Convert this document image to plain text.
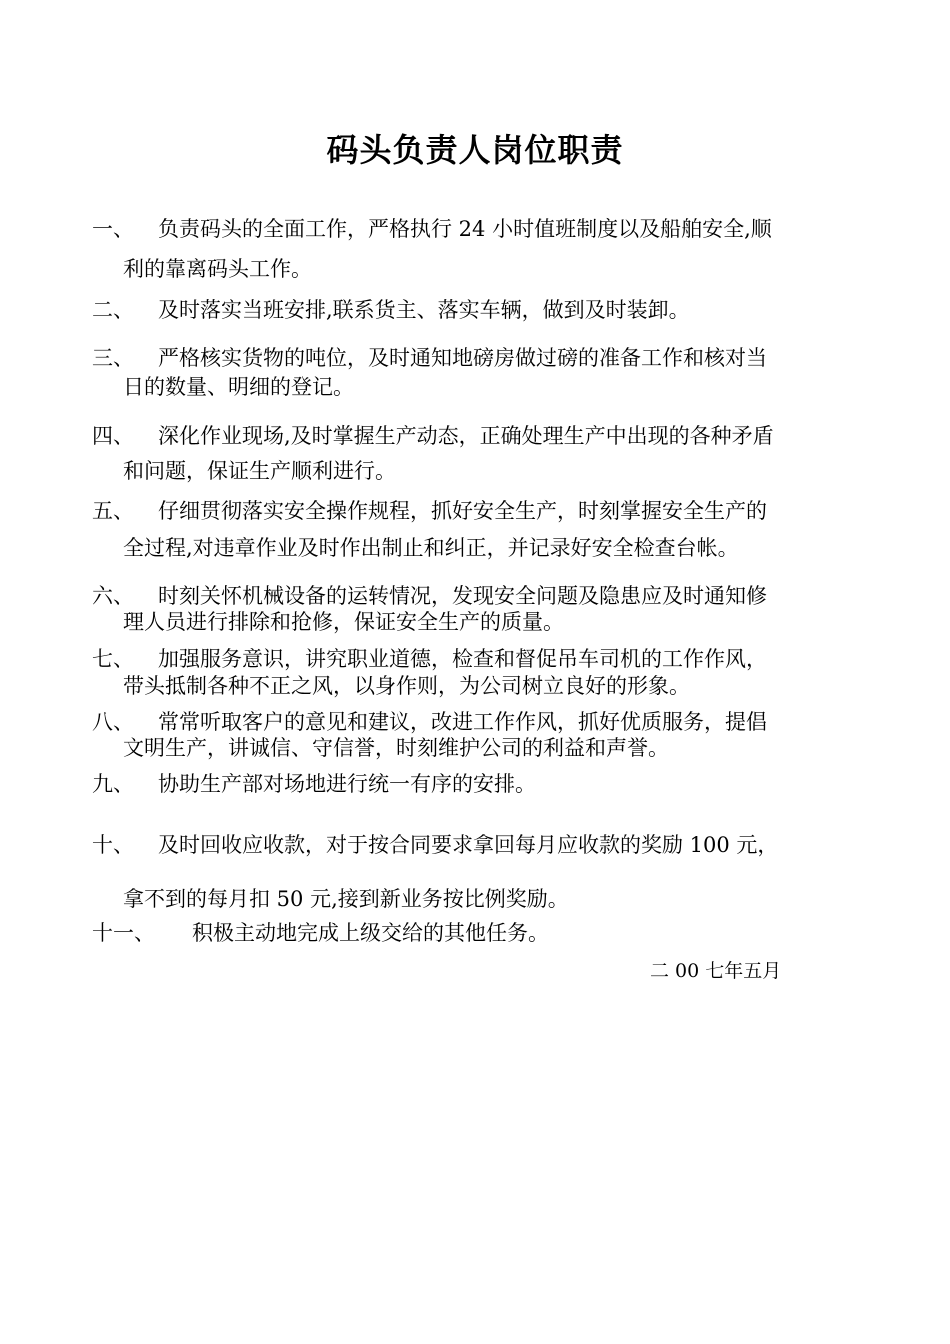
码头负责人岗位职责
一、	负责码头的全面工作，严格执行 24 小时值班制度以及船舶安全,顺
利的靠离码头工作。
二、	及时落实当班安排,联系货主、落实车辆，做到及时装卸。
三、	严格核实货物的吨位，及时通知地磅房做过磅的准备工作和核对当
日的数量、明细的登记。
四、	深化作业现场,及时掌握生产动态，正确处理生产中出现的各种矛盾
和问题，保证生产顺利进行。
五、	仔细贯彻落实安全操作规程，抓好安全生产，时刻掌握安全生产的
全过程,对违章作业及时作出制止和纠正，并记录好安全检查台帐。
六、	时刻关怀机械设备的运转情况，发现安全问题及隐患应及时通知修
理人员进行排除和抢修，保证安全生产的质量。
七、	加强服务意识，讲究职业道德，检查和督促吊车司机的工作作风，
带头抵制各种不正之风，以身作则，为公司树立良好的形象。
八、	常常听取客户的意见和建议，改进工作作风，抓好优质服务，提倡
文明生产，讲诚信、守信誉，时刻维护公司的利益和声誉。
九、	协助生产部对场地进行统一有序的安排。
十、	及时回收应收款，对于按合同要求拿回每月应收款的奖励 100 元，
拿不到的每月扣 50 元,接到新业务按比例奖励。
十一、	积极主动地完成上级交给的其他任务。
二 00 七年五月
